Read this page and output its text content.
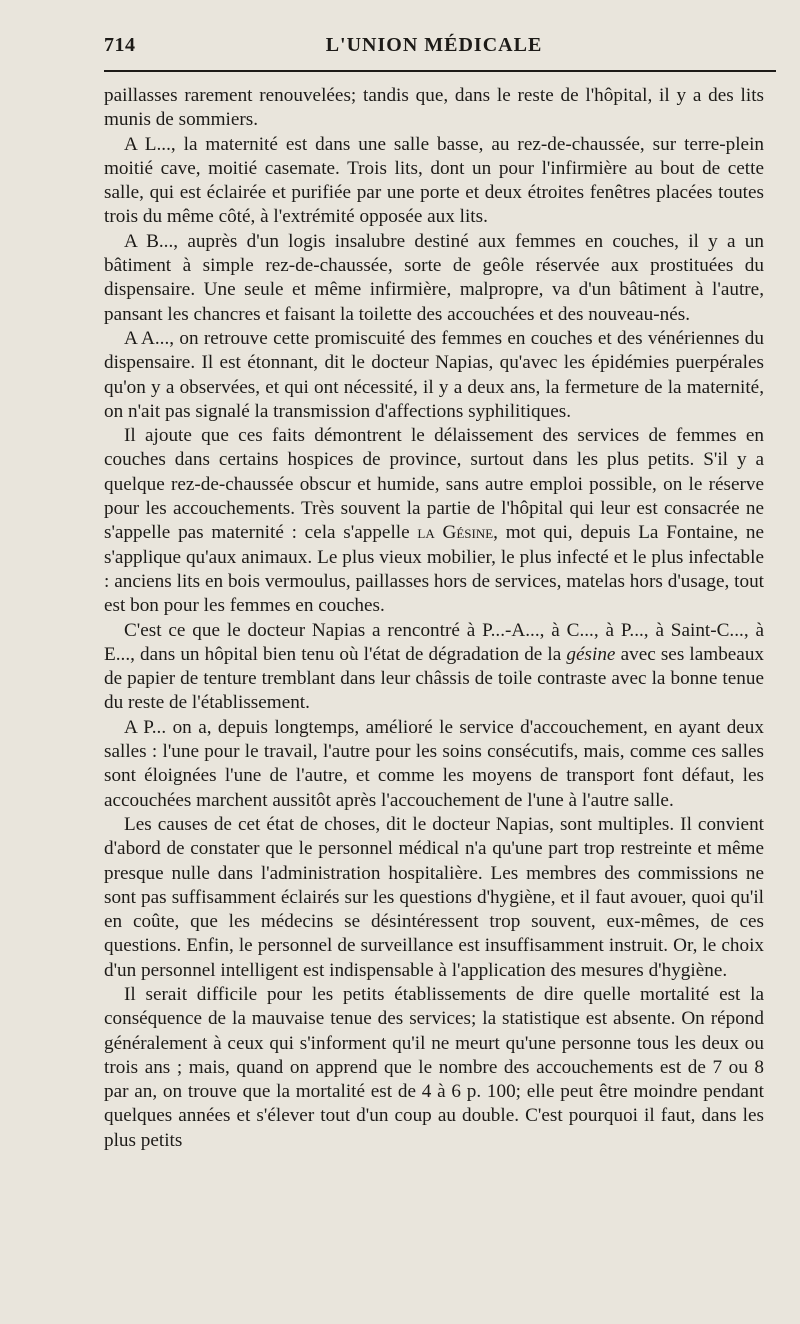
714	L'UNION MÉDICALE

paillasses rarement renouvelées; tandis que, dans le reste de l'hôpital, il y a des lits munis de sommiers.

A L..., la maternité est dans une salle basse, au rez-de-chaussée, sur terre-plein moitié cave, moitié casemate. Trois lits, dont un pour l'infirmière au bout de cette salle, qui est éclairée et purifiée par une porte et deux étroites fenêtres placées toutes trois du même côté, à l'extrémité opposée aux lits.

A B..., auprès d'un logis insalubre destiné aux femmes en couches, il y a un bâtiment à simple rez-de-chaussée, sorte de geôle réservée aux prostituées du dispensaire. Une seule et même infirmière, malpropre, va d'un bâtiment à l'autre, pansant les chancres et faisant la toilette des accouchées et des nouveau-nés.

A A..., on retrouve cette promiscuité des femmes en couches et des vénériennes du dispensaire. Il est étonnant, dit le docteur Napias, qu'avec les épidémies puerpérales qu'on y a observées, et qui ont nécessité, il y a deux ans, la fermeture de la maternité, on n'ait pas signalé la transmission d'affections syphilitiques.

Il ajoute que ces faits démontrent le délaissement des services de femmes en couches dans certains hospices de province, surtout dans les plus petits. S'il y a quelque rez-de-chaussée obscur et humide, sans autre emploi possible, on le réserve pour les accouchements. Très souvent la partie de l'hôpital qui leur est consacrée ne s'appelle pas maternité : cela s'appelle la Gésine, mot qui, depuis La Fontaine, ne s'applique qu'aux animaux. Le plus vieux mobilier, le plus infecté et le plus infectable : anciens lits en bois vermoulus, paillasses hors de services, matelas hors d'usage, tout est bon pour les femmes en couches.

C'est ce que le docteur Napias a rencontré à P...-A..., à C..., à P..., à Saint-C..., à E..., dans un hôpital bien tenu où l'état de dégradation de la gésine avec ses lambeaux de papier de tenture tremblant dans leur châssis de toile contraste avec la bonne tenue du reste de l'établissement.

A P... on a, depuis longtemps, amélioré le service d'accouchement, en ayant deux salles : l'une pour le travail, l'autre pour les soins consécutifs, mais, comme ces salles sont éloignées l'une de l'autre, et comme les moyens de transport font défaut, les accouchées marchent aussitôt après l'accouchement de l'une à l'autre salle.

Les causes de cet état de choses, dit le docteur Napias, sont multiples. Il convient d'abord de constater que le personnel médical n'a qu'une part trop restreinte et même presque nulle dans l'administration hospitalière. Les membres des commissions ne sont pas suffisamment éclairés sur les questions d'hygiène, et il faut avouer, quoi qu'il en coûte, que les médecins se désintéressent trop souvent, eux-mêmes, de ces questions. Enfin, le personnel de surveillance est insuffisamment instruit. Or, le choix d'un personnel intelligent est indispensable à l'application des mesures d'hygiène.

Il serait difficile pour les petits établissements de dire quelle mortalité est la conséquence de la mauvaise tenue des services; la statistique est absente. On répond généralement à ceux qui s'informent qu'il ne meurt qu'une personne tous les deux ou trois ans ; mais, quand on apprend que le nombre des accouchements est de 7 ou 8 par an, on trouve que la mortalité est de 4 à 6 p. 100; elle peut être moindre pendant quelques années et s'élever tout d'un coup au double. C'est pourquoi il faut, dans les plus petits
